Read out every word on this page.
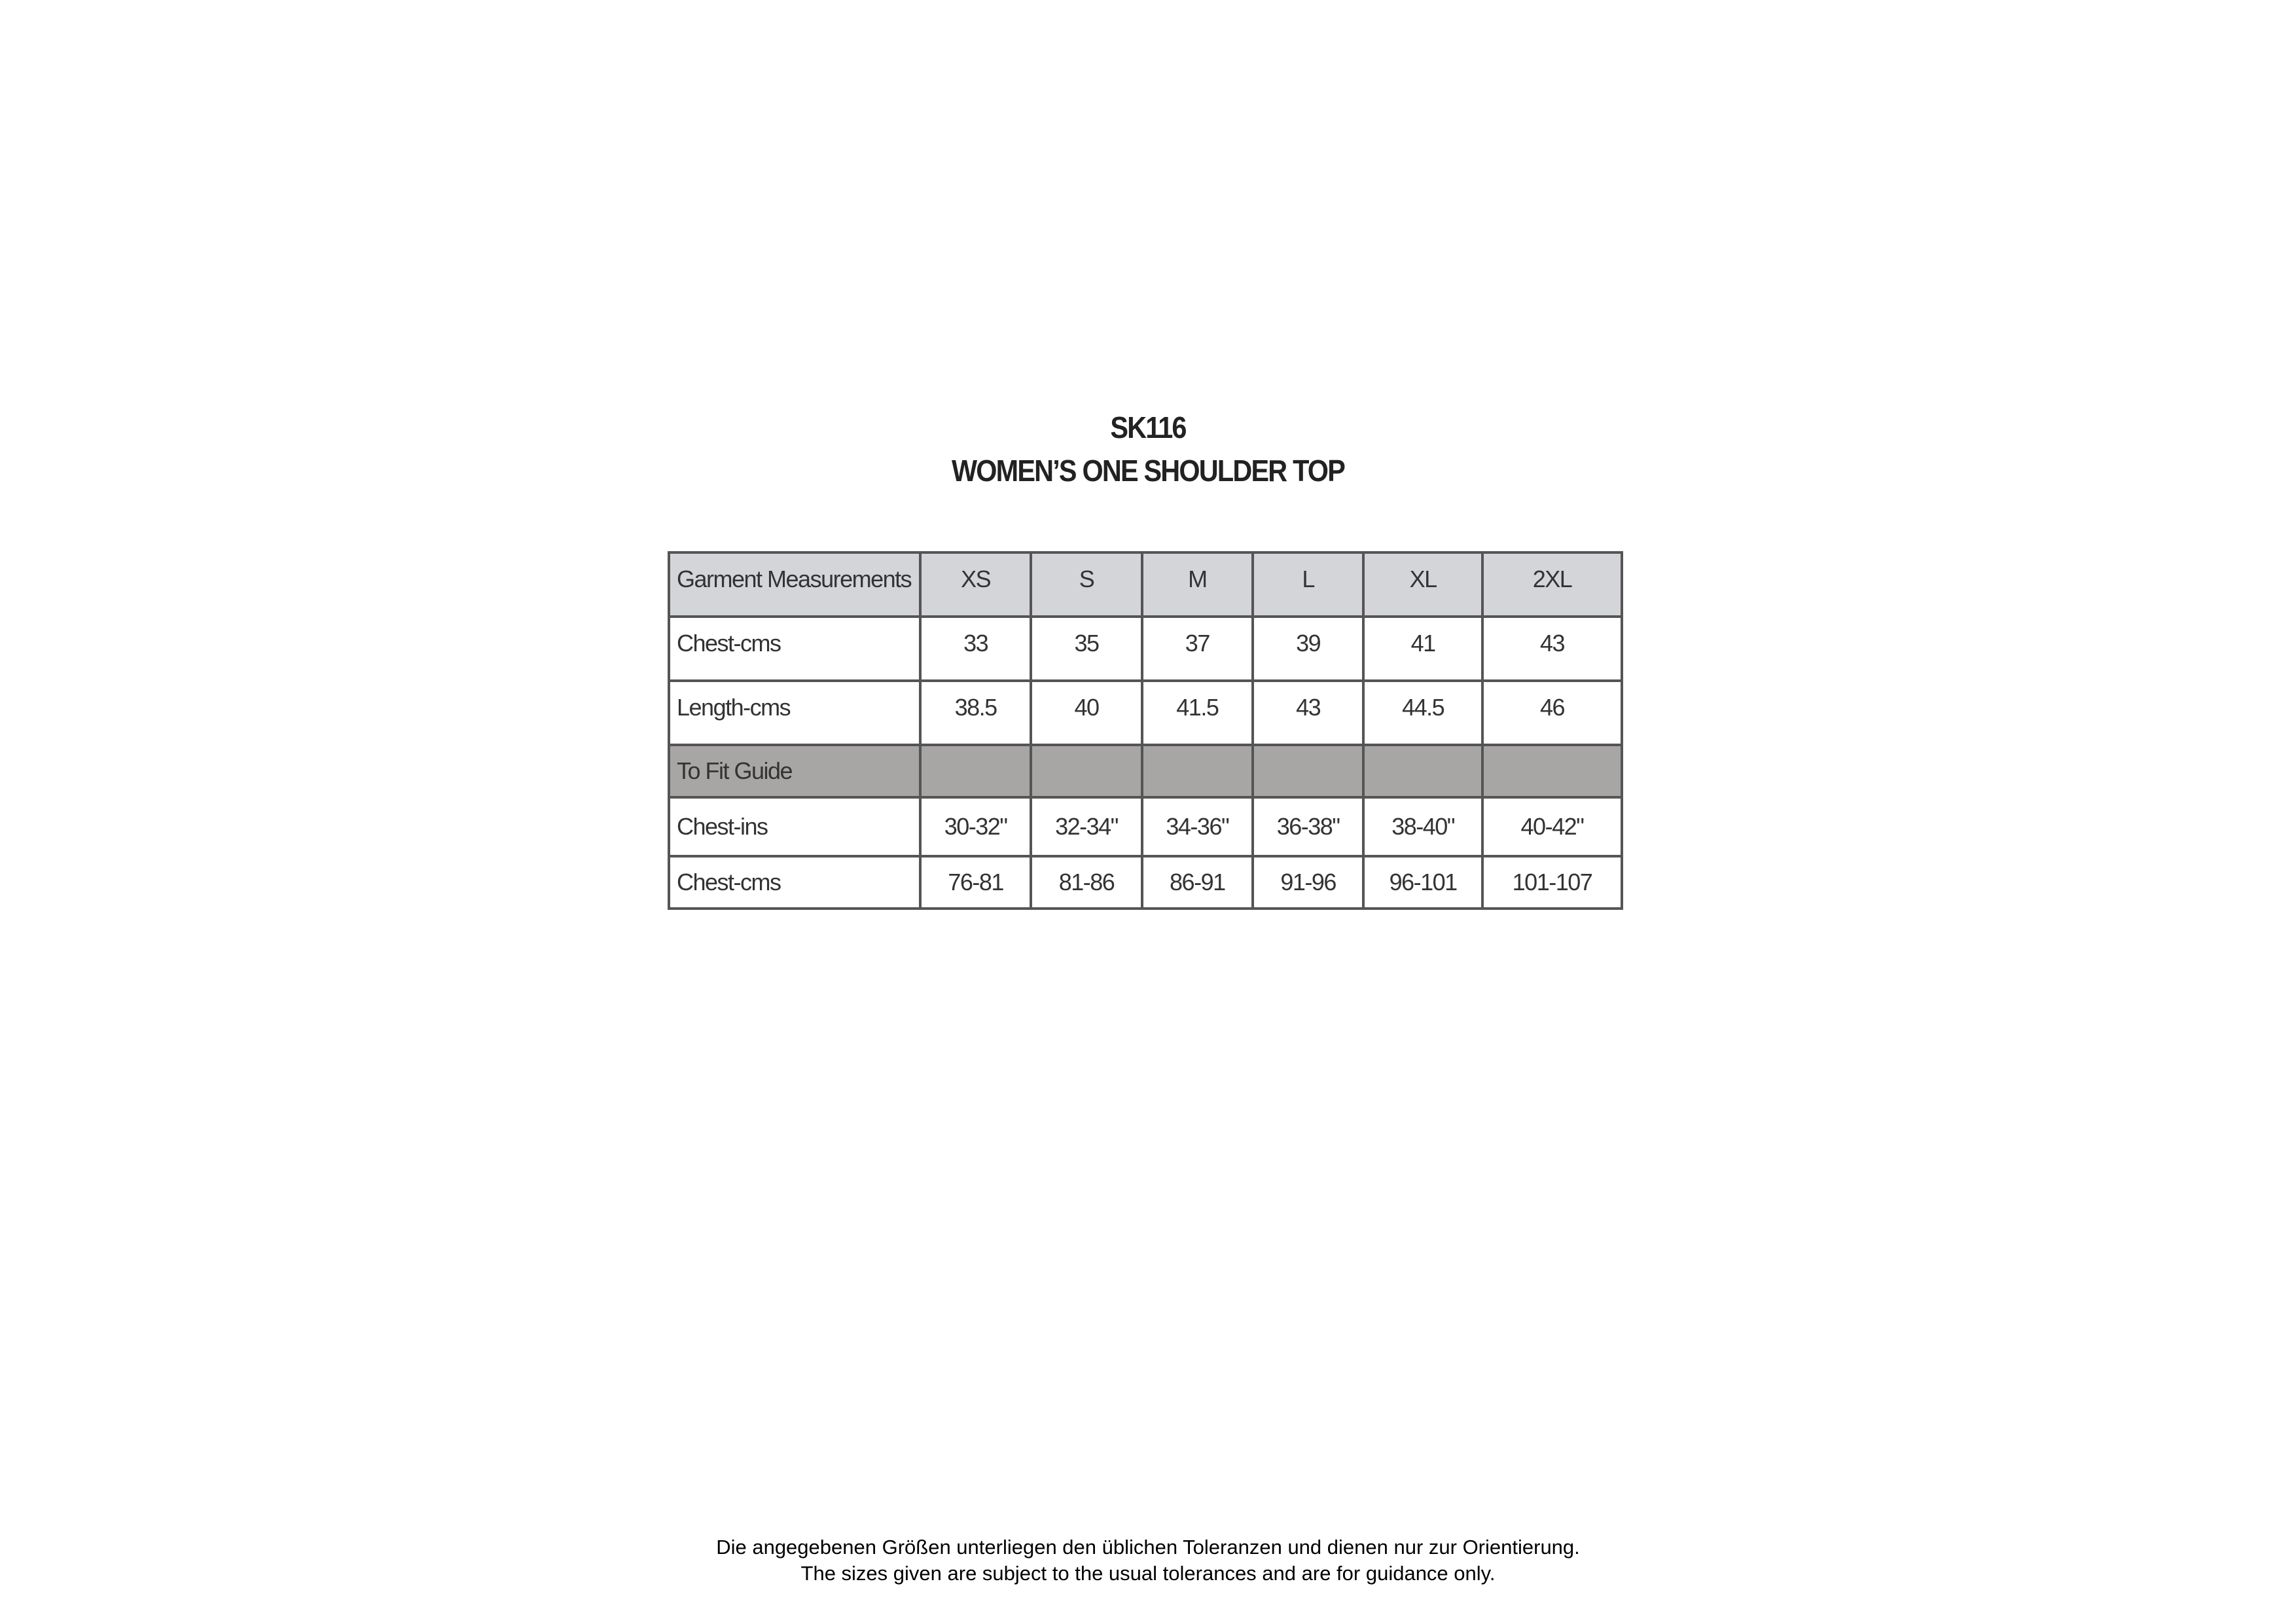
SK116
WOMEN’S ONE SHOULDER TOP
Garment Measurements	XS	S	M	L	XL	2XL
Chest-cms	33	35	37	39	41	43
Length-cms	38.5	40	41.5	43	44.5	46
To Fit Guide						
Chest-ins	30-32"	32-34"	34-36"	36-38"	38-40"	40-42"
Chest-cms	76-81	81-86	86-91	91-96	96-101	101-107
Die angegebenen Größen unterliegen den üblichen Toleranzen und dienen nur zur Orientierung.
The sizes given are subject to the usual tolerances and are for guidance only.
